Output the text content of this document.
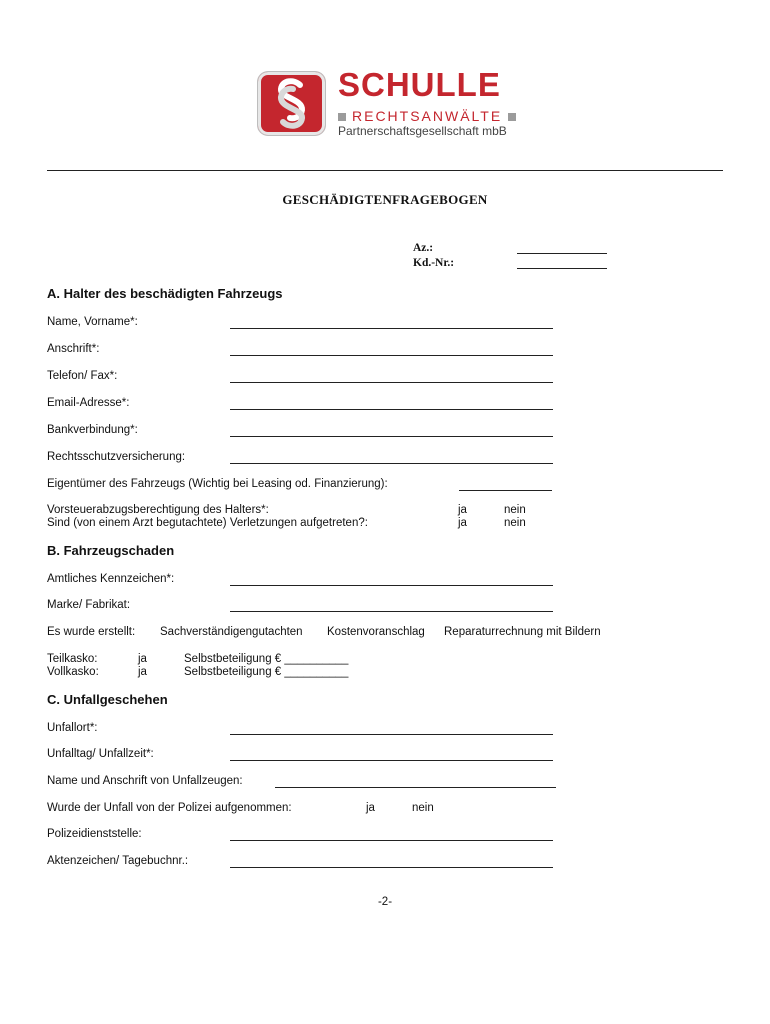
SCHULLE
RECHTSANWÄLTE
Partnerschaftsgesellschaft mbB
GESCHÄDIGTENFRAGEBOGEN
Az.:
Kd.-Nr.:
A. Halter des beschädigten Fahrzeugs
Name, Vorname*:
Anschrift*:
Telefon/ Fax*:
Email-Adresse*:
Bankverbindung*:
Rechtsschutzversicherung:
Eigentümer des Fahrzeugs (Wichtig bei Leasing od. Finanzierung):
Vorsteuerabzugsberechtigung des Halters*:	ja	nein
Sind (von einem Arzt begutachtete) Verletzungen aufgetreten?:	ja	nein
B. Fahrzeugschaden
Amtliches Kennzeichen*:
Marke/ Fabrikat:
Es wurde erstellt: Sachverständigengutachten Kostenvoranschlag Reparaturrechnung mit Bildern
Teilkasko:	ja	Selbstbeteiligung € __________
Vollkasko:	ja	Selbstbeteiligung € __________
C. Unfallgeschehen
Unfallort*:
Unfalltag/ Unfallzeit*:
Name und Anschrift von Unfallzeugen:
Wurde der Unfall von der Polizei aufgenommen:	ja	nein
Polizeidienststelle:
Aktenzeichen/ Tagebuchnr.:
-2-
